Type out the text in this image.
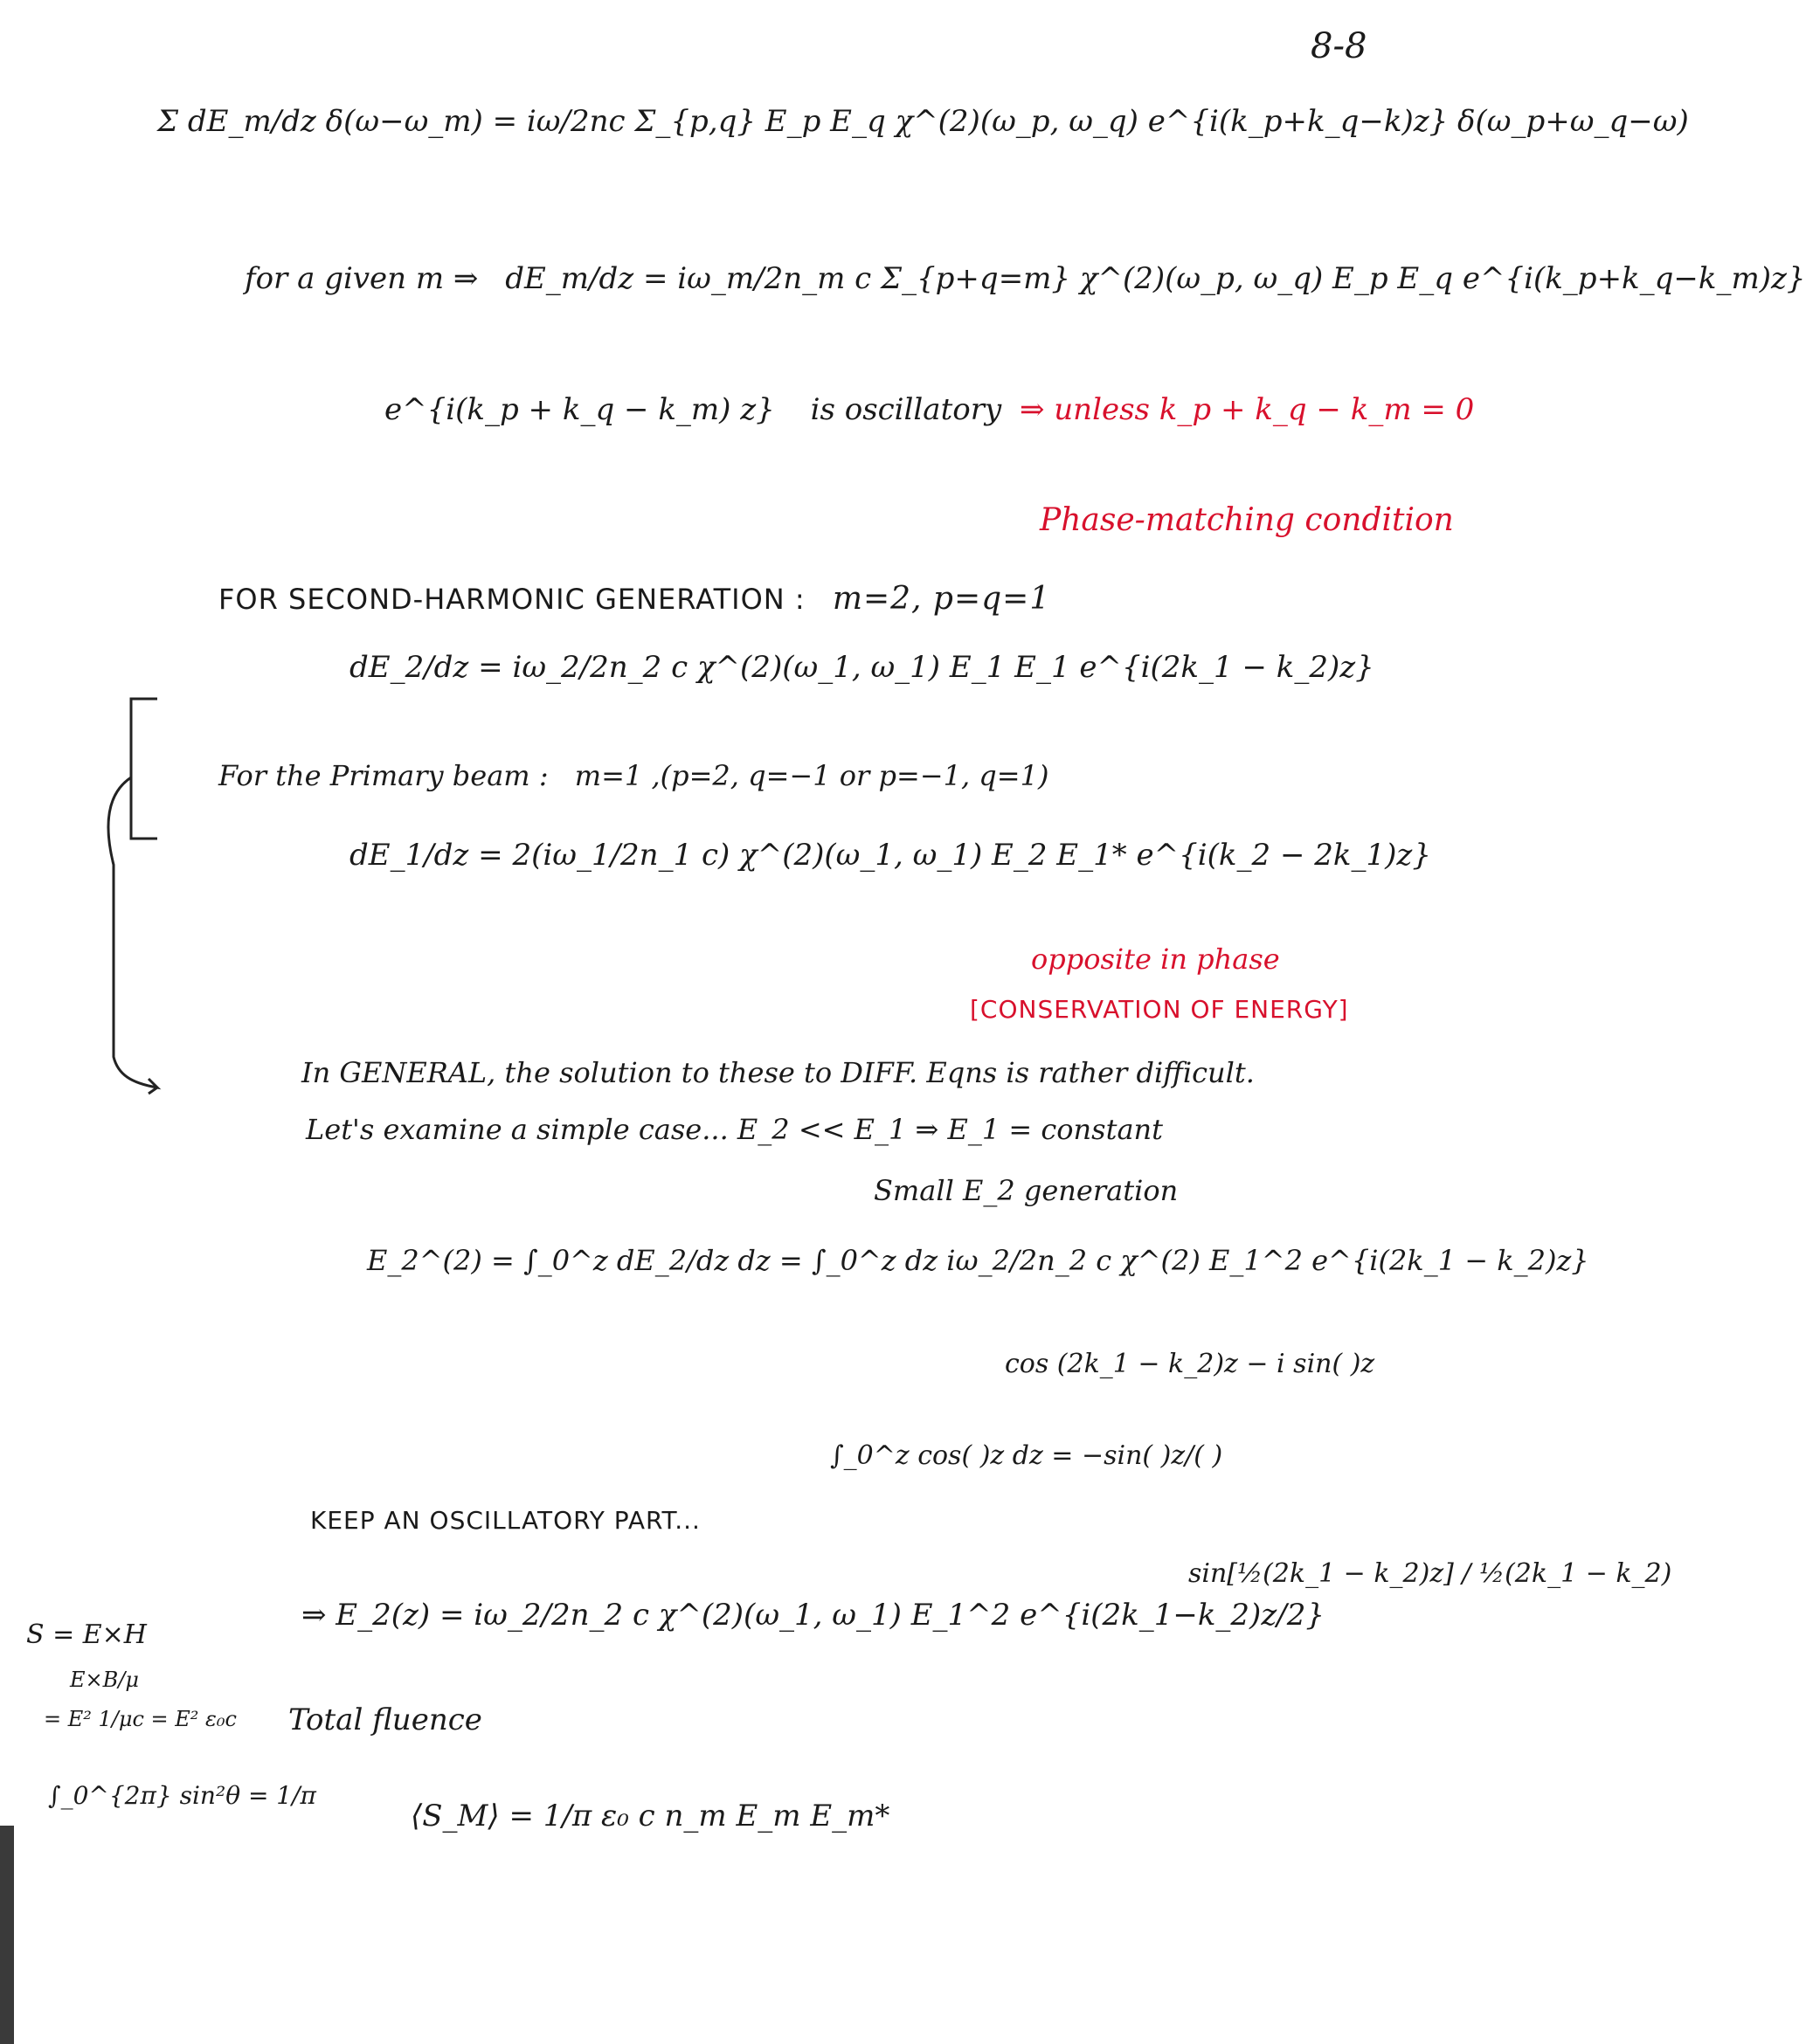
8-8
Σ dE_m/dz δ(ω−ω_m) = iω/2nc Σ_{p,q} E_p E_q χ^(2)(ω_p, ω_q) e^{i(k_p+k_q−k)z} δ(ω_p+ω_q−ω)
for a given m ⇒ dE_m/dz = iω_m/2n_m c Σ_{p+q=m} χ^(2)(ω_p, ω_q) E_p E_q e^{i(k_p+k_q−k_m)z}
e^{i(k_p + k_q − k_m) z} is oscillatory ⇒ unless k_p + k_q − k_m = 0
Phase-matching condition
FOR SECOND-HARMONIC GENERATION : m=2, p=q=1
dE_2/dz = iω_2/2n_2 c χ^(2)(ω_1, ω_1) E_1 E_1 e^{i(2k_1 − k_2)z}
For the Primary beam : m=1 ,(p=2, q=−1 or p=−1, q=1)
dE_1/dz = 2(iω_1/2n_1 c) χ^(2)(ω_1, ω_1) E_2 E_1* e^{i(k_2 − 2k_1)z}
opposite in phase
[CONSERVATION OF ENERGY]
In GENERAL, the solution to these to DIFF. Eqns is rather difficult.
Let's examine a simple case... E_2 << E_1 ⇒ E_1 = constant
Small E_2 generation
E_2^(2) = ∫_0^z dE_2/dz dz = ∫_0^z dz iω_2/2n_2 c χ^(2) E_1^2 e^{i(2k_1 − k_2)z}
cos (2k_1 − k_2)z − i sin( )z
∫_0^z cos( )z dz = −sin( )z/( )
KEEP AN OSCILLATORY PART...
⇒ E_2(z) = iω_2/2n_2 c χ^(2)(ω_1, ω_1) E_1^2 e^{i(2k_1−k_2)z/2}
sin[½(2k_1 − k_2)z] / ½(2k_1 − k_2)
S = E×H
E×B/μ
= E² 1/μc = E² ε₀c
∫_0^{2π} sin²θ = 1/π
Total fluence
⟨S_M⟩ = 1/π ε₀ c n_m E_m E_m*
